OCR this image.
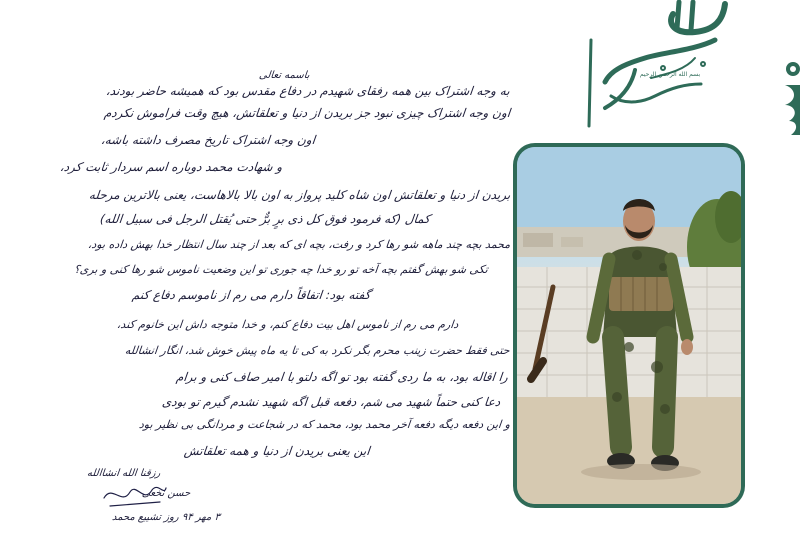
بسم الله الرحمن الرحیم
باسمه تعالی
به وجه اشتراک بین همه رفقای شهیدم در دفاع مقدس بود که همیشه حاضر بودند،
اون وجه اشتراک چیزی نبود جز بریدن از دنیا و تعلقاتش، هیچ وقت فراموش نکردم
اون وجه اشتراک تاریخ مصرف داشته باشه،
و شهادت محمد دوباره اسم سردار ثابت کرد،
بریدن از دنیا و تعلقاتش اون شاه کلید پرواز به اون بالا بالاهاست، یعنی بالاترین مرحله
کمال (که فرمود فوق کل ذی برٍ برٌّ حتی یُقتل الرجل فی سبیل الله)
محمد بچه چند ماهه شو رها کرد و رفت، بچه ای که بعد از چند سال انتظار خدا بهش داده بود،
تکی شو بهش گفتم بچه آخه تو رو خدا چه جوری تو این وضعیت ناموس شو رها کنی و بری؟
گفته بود: اتفاقاً دارم می رم از ناموسم دفاع کنم
دارم می رم از ناموس اهل بیت دفاع کنم، و خدا متوجه داش این خانوم کند،
حتی فقط حضرت زینب محرم بگر نکرد به کی تا یه ماه پیش خوش شد، انگار انشالله
را اقاله بود، به ما ردی گفته بود تو اگه دلتو با امیر صاف کنی و برام
دعا کنی حتماً شهید می شم، دفعه قبل اگه شهید نشدم گیرم تو بودی
و این دفعه دیگه دفعه آخر محمد بود، محمد که در شجاعت و مردانگی بی نظیر بود
این یعنی بریدن از دنیا و همه تعلقاتش
رزقنا الله انشاالله
حسن نخعی
۳ مهر ۹۴ روز تشییع محمد
